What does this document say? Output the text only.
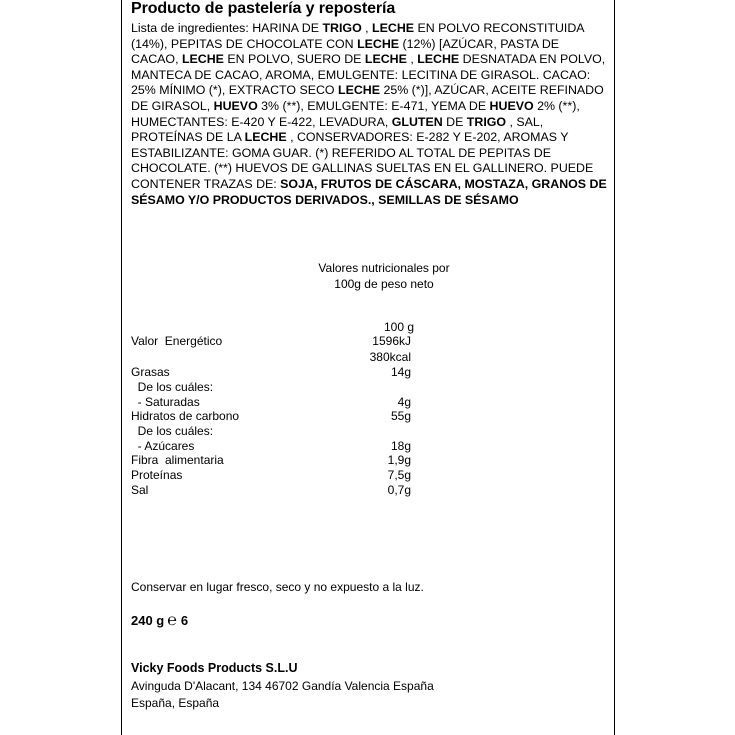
Producto de pastelería y repostería
Lista de ingredientes: HARINA DE TRIGO , LECHE EN POLVO RECONSTITUIDA (14%), PEPITAS DE CHOCOLATE CON LECHE (12%) [AZÚCAR, PASTA DE CACAO, LECHE EN POLVO, SUERO DE LECHE , LECHE DESNATADA EN POLVO, MANTECA DE CACAO, AROMA, EMULGENTE: LECITINA DE GIRASOL. CACAO: 25% MÍNIMO (*), EXTRACTO SECO LECHE 25% (*)], AZÚCAR, ACEITE REFINADO DE GIRASOL, HUEVO 3% (**), EMULGENTE: E-471, YEMA DE HUEVO 2% (**), HUMECTANTES: E-420 Y E-422, LEVADURA, GLUTEN DE TRIGO , SAL, PROTEÍNAS DE LA LECHE , CONSERVADORES: E-282 Y E-202, AROMAS Y ESTABILIZANTE: GOMA GUAR. (*) REFERIDO AL TOTAL DE PEPITAS DE CHOCOLATE. (**) HUEVOS DE GALLINAS SUELTAS EN EL GALLINERO. PUEDE CONTENER TRAZAS DE: SOJA, FRUTOS DE CÁSCARA, MOSTAZA, GRANOS DE SÉSAMO Y/O PRODUCTOS DERIVADOS., SEMILLAS DE SÉSAMO
Valores nutricionales por
100g de peso neto
100 g
Valor  Energético	1596kJ
380kcal
Grasas	14g
De los cuáles:
- Saturadas	4g
Hidratos de carbono	55g
De los cuáles:
- Azúcares	18g
Fibra  alimentaria	1,9g
Proteínas	7,5g
Sal	0,7g
Conservar en lugar fresco, seco y no expuesto a la luz.
240 g ℮ 6
Vicky Foods Products S.L.U
Avinguda D'Alacant, 134 46702 Gandía Valencia España
España, España
